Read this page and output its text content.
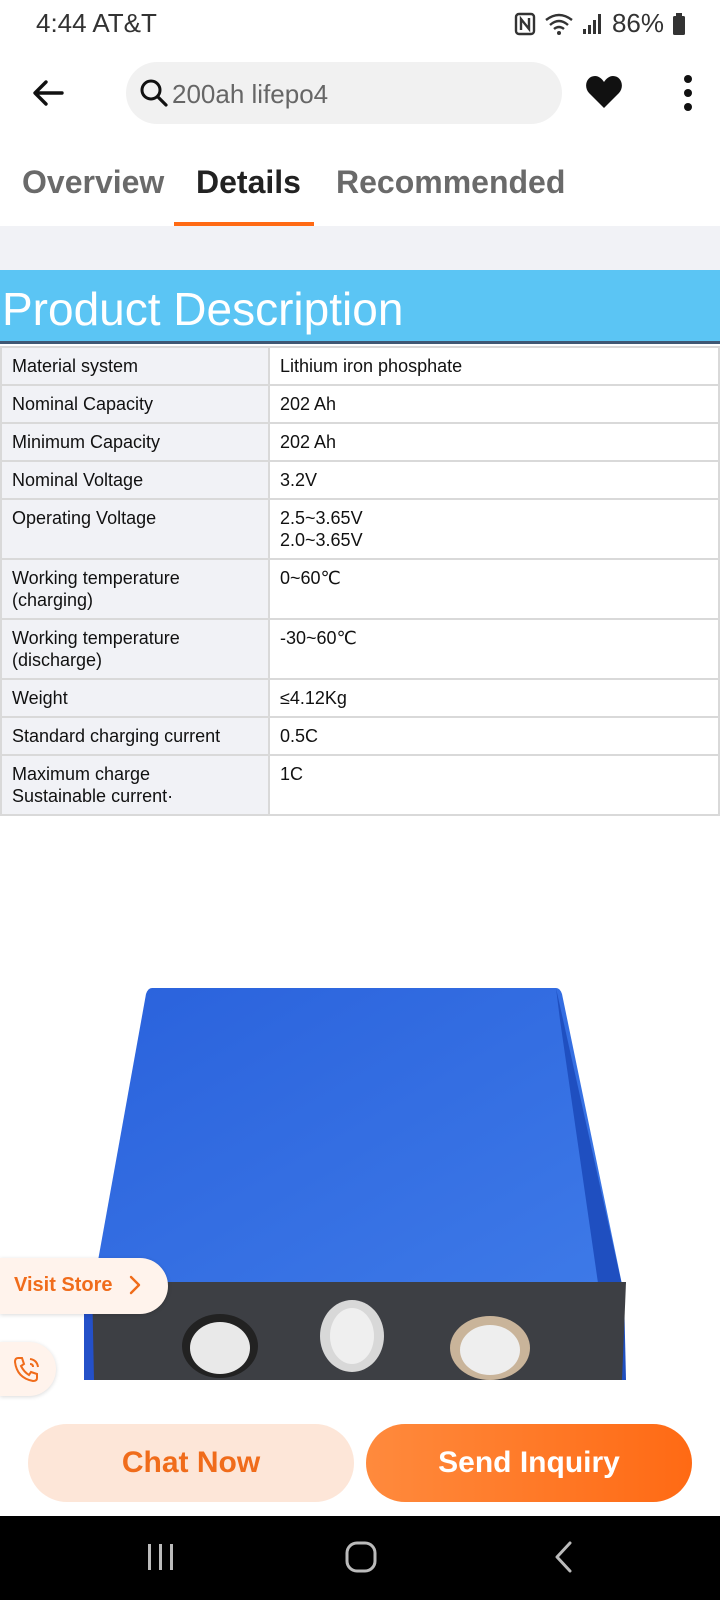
4:44 AT&T	86%
200ah lifepo4
Overview Details Recommended
Product Description
Material system	Lithium iron phosphate

Nominal Capacity	202 Ah

Minimum Capacity	202 Ah

Nominal Voltage	3.2V

Operating Voltage	2.5~3.65V
2.0~3.65V

Working temperature
(charging)	0~60℃

Working temperature
(discharge)	-30~60℃

Weight	≤4.12Kg

Standard charging current	0.5C

Maximum charge
Sustainable current·	1C
Visit Store
Chat Now	Send Inquiry
